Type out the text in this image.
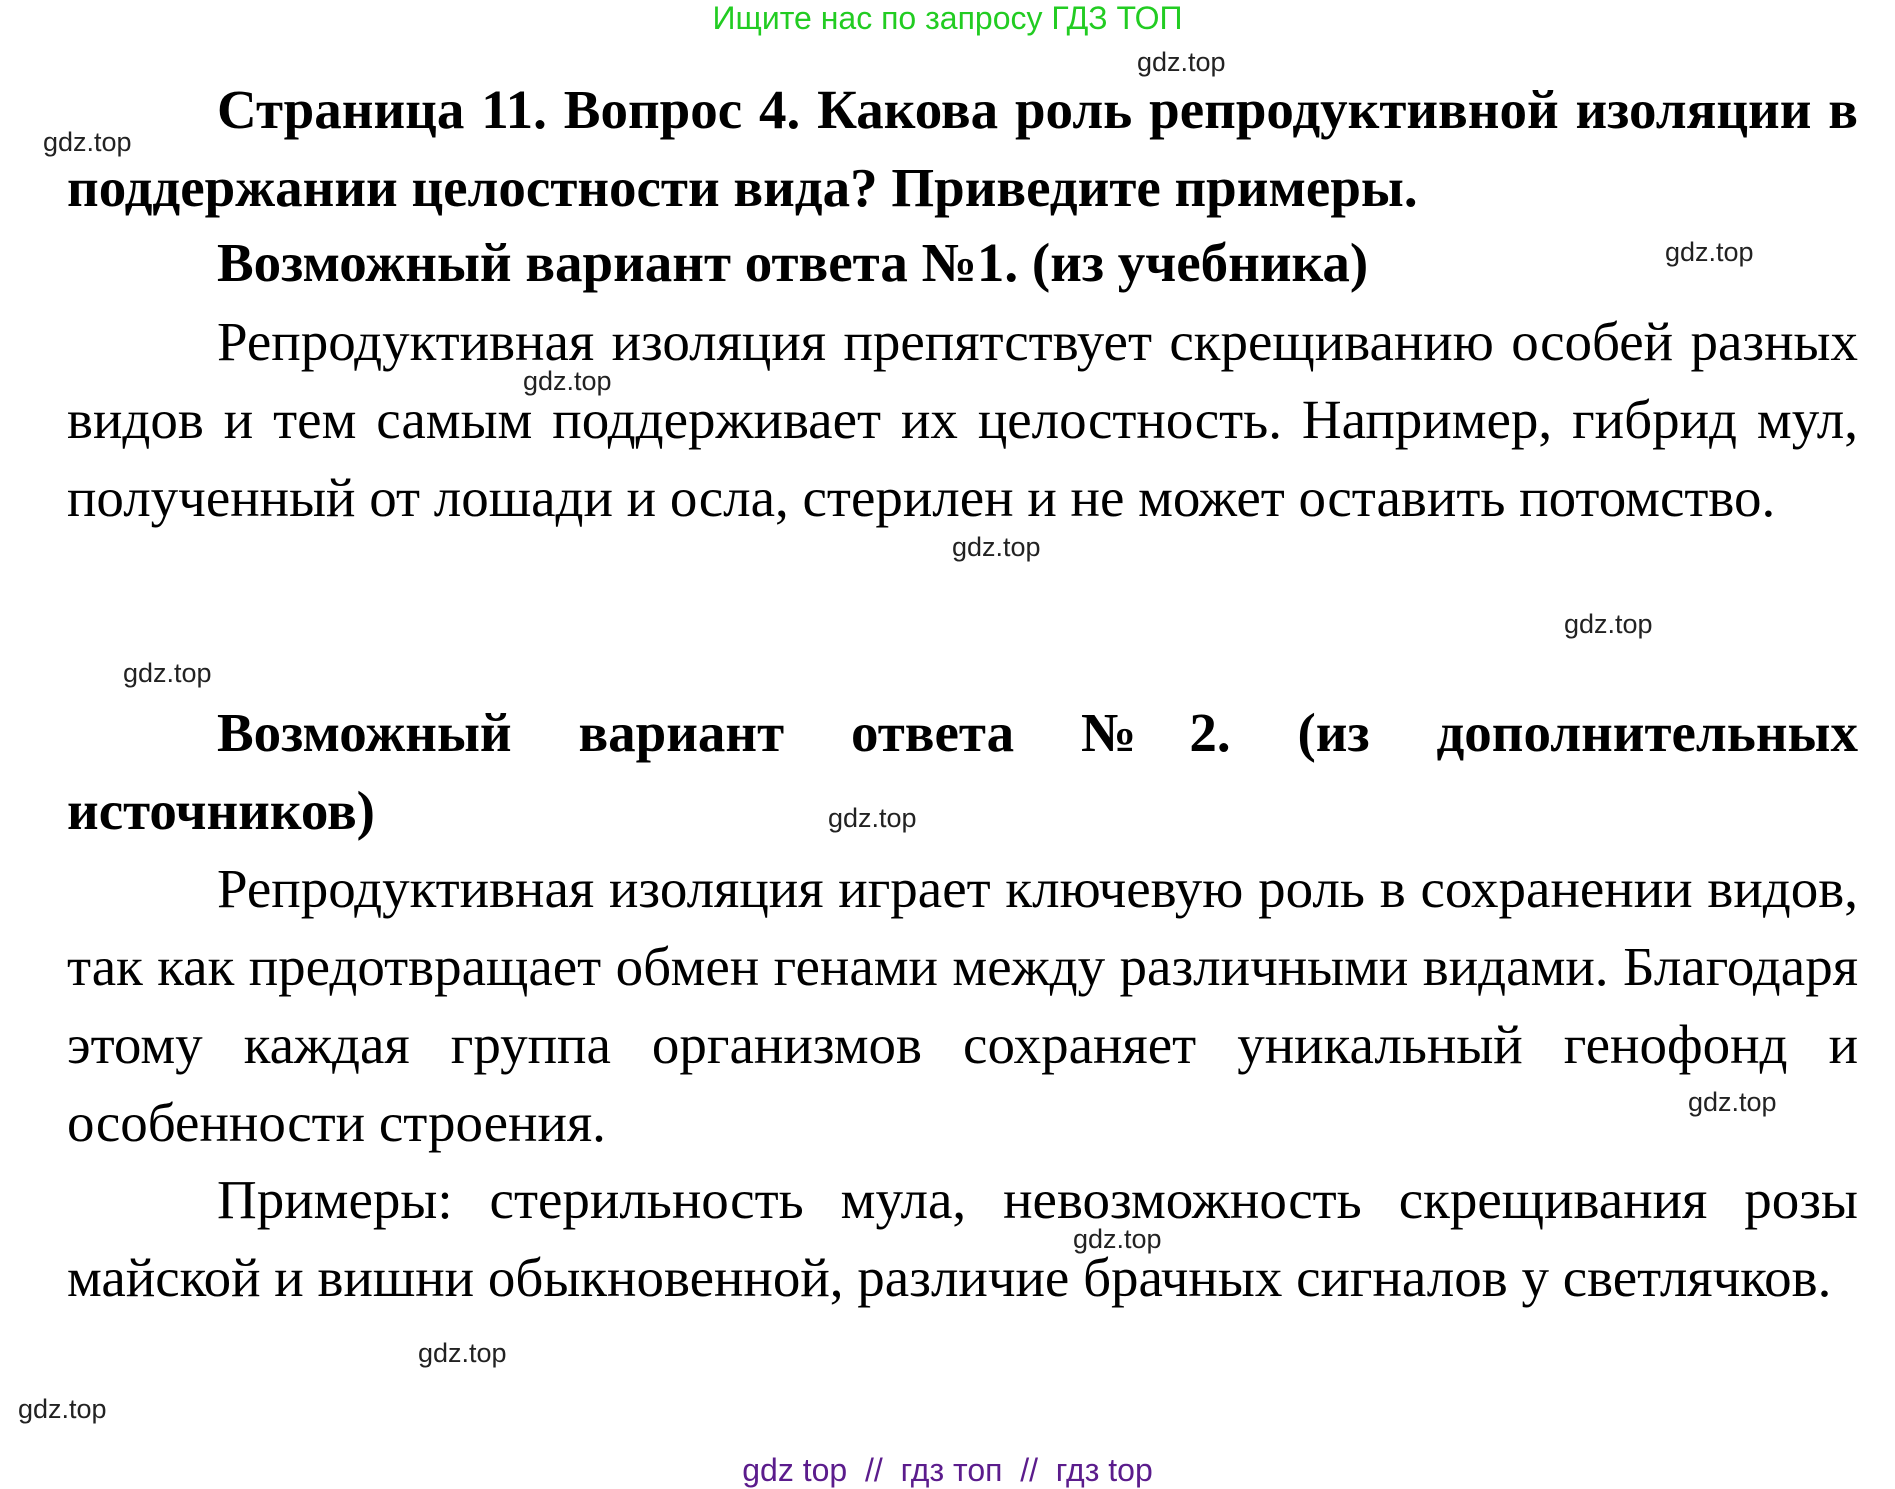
Ищите нас по запросу ГДЗ ТОП

Страница 11. Вопрос 4. Какова роль репродуктивной изоляции в поддержании целостности вида? Приведите примеры.

Возможный вариант ответа №1. (из учебника)

Репродуктивная изоляция препятствует скрещиванию особей разных видов и тем самым поддерживает их целостность. Например, гибрид мул, полученный от лошади и осла, стерилен и не может оставить потомство.

Возможный вариант ответа №2. (из дополнительных источников)

Репродуктивная изоляция играет ключевую роль в сохранении видов, так как предотвращает обмен генами между различными видами. Благодаря этому каждая группа организмов сохраняет уникальный генофонд и особенности строения.

Примеры: стерильность мула, невозможность скрещивания розы майской и вишни обыкновенной, различие брачных сигналов у светлячков.

gdz.top
gdz.top
gdz.top
gdz.top
gdz.top
gdz.top
gdz.top
gdz.top
gdz.top
gdz.top
gdz.top
gdz.top
gdz top  //  гдз топ  //  гдз top
